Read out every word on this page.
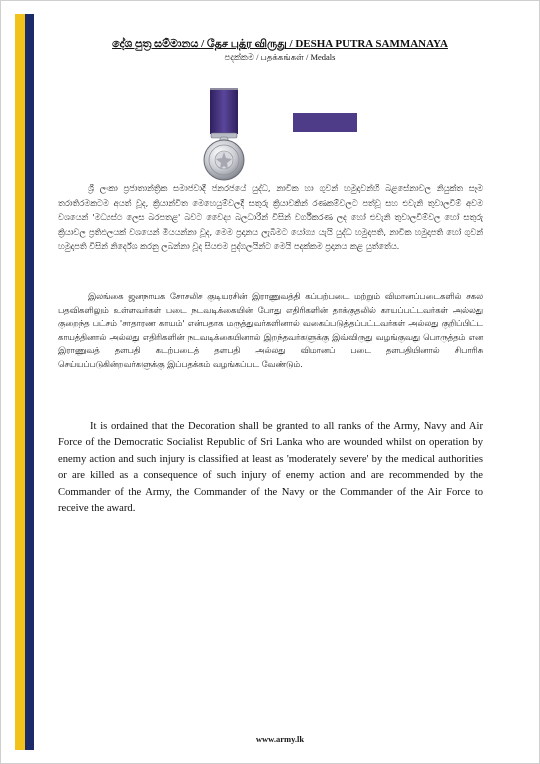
දේශ පුත්‍ර සම්මානය / தேச புத்ர விருது / DESHA PUTRA SAMMANAYA
පදක්කම / பதக்கங்கள் / Medals
ශ්‍රී ලංකා ප්‍රජාතාන්ත්‍රික සමාජවාදී ජනරජයේ යුද්ධ, නාවික හා ගුවන් හමුදාවන්හි බළසේනාවල නියුක්ත සෑම තරාතිරමකටම අයත් වූද, ක්‍රියාන්විත මෙහෙයුම්වලදී සතුරු ක්‍රියාවකින් රණකම්වලට පත්වූ සහ එවැනි තුවාලවීම් අවම වශයෙන් 'මධ්‍යස්ථ ලෙස බරපතළ' බවට වෛද්‍ය බලධාරීන් විසින් වර්ගීකරණ ලද හෝ එවැනි තුවාලවීම්වල හෝ සතුරු ක්‍රියාවල ප්‍රතිඵලයක් වශයෙන් මියයන්නා වූද, මෙම ප්‍රදානය ලැබීමට යෝග්‍ය යැයි යුද්ධ හමුදාපති, නාවික හමුදාපති හෝ ගුවන් හමුදාපති විසින් නිර්දේශ කරනු ලබන්නා වූද සියළුම පුද්ගලයින්ට මෙයි පදක්කම ප්‍රදානය කළ යුත්තේය.
இலங்கை ஜனநாயக சோசலிச குடியரசின் இராணுவத்தி கப்பற்படை மற்றும் விமானப்படைகளில் சகல பதவிகளிலும் உள்ளவர்கள் படை நடவடிக்கையின் போது எதிரிகளின் தாக்குதலில் காயப்பட்டவர்கள் அல்லது குறைந்த பட்சம் 'சாதாரண காயம்' என்பதாக மருத்துவர்களினால் வகைப்படுத்தப்பட்டவர்கள் அல்லது குறிப்பிட்ட காயத்தினால் அல்லது எதிரிகளின் நடவடிக்கையினால் இறந்தவர்களுக்கு இவ்விருது வழங்குவது பொருத்தம் என இராணுவத் தளபதி கடற்படைத் தளபதி அல்லது விமானப் படை தளபதியினால் சிபாரிசு செய்யப்படுகின்றவர்களுக்கு இப்பதக்கம் வழங்கப்பட வேண்டும்.
It is ordained that the Decoration shall be granted to all ranks of the Army, Navy and Air Force of the Democratic Socialist Republic of Sri Lanka who are wounded whilst on operation by enemy action and such injury is classified at least as 'moderately severe' by the medical authorities or are killed as a consequence of such injury of enemy action and are recommended by the Commander of the Army, the Commander of the Navy or the Commander of the Air Force to receive the award.
www.army.lk
